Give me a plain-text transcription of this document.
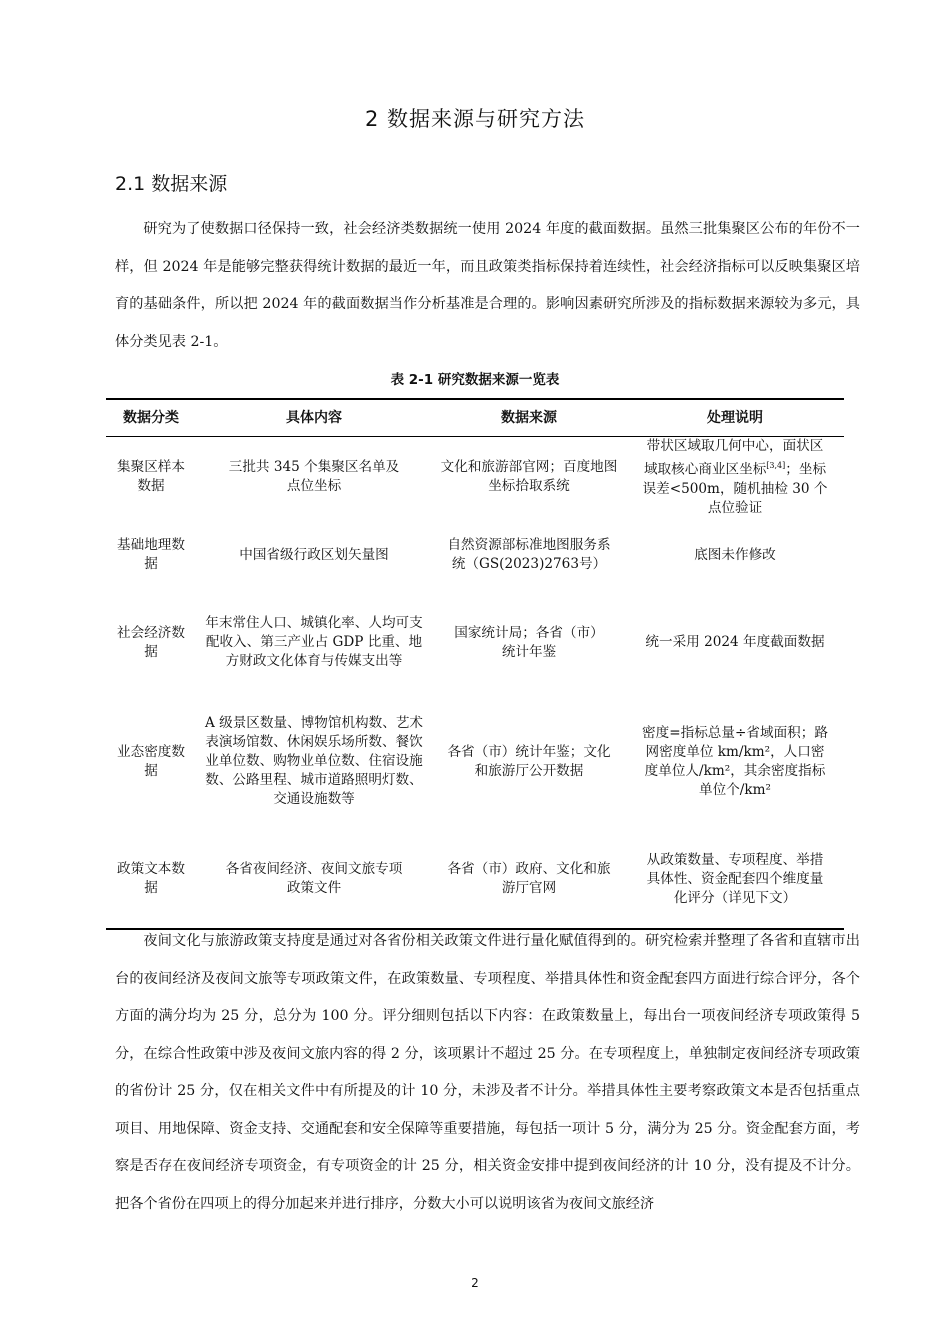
2 数据来源与研究方法
2.1 数据来源

研究为了使数据口径保持一致，社会经济类数据统一使用 2024 年度的截面数据。虽然三批集聚区公布的年份不一样，但 2024 年是能够完整获得统计数据的最近一年，而且政策类指标保持着连续性，社会经济指标可以反映集聚区培育的基础条件，所以把 2024 年的截面数据当作分析基准是合理的。影响因素研究所涉及的指标数据来源较为多元，具体分类见表 2-1。

表 2-1 研究数据来源一览表
数据分类	具体内容	数据来源	处理说明

集聚区样本数据	三批共 345 个集聚区名单及点位坐标	文化和旅游部官网；百度地图坐标拾取系统	带状区域取几何中心，面状区域取核心商业区坐标[3,4]；坐标误差<500m，随机抽检 30 个点位验证

基础地理数据	中国省级行政区划矢量图	自然资源部标准地图服务系统（GS(2023)2763号）	底图未作修改

社会经济数据	年末常住人口、城镇化率、人均可支配收入、第三产业占 GDP 比重、地方财政文化体育与传媒支出等	国家统计局；各省（市）统计年鉴	统一采用 2024 年度截面数据

业态密度数据	A 级景区数量、博物馆机构数、艺术表演场馆数、休闲娱乐场所数、餐饮业单位数、购物业单位数、住宿设施数、公路里程、城市道路照明灯数、交通设施数等	各省（市）统计年鉴；文化和旅游厅公开数据	密度=指标总量÷省域面积；路网密度单位 km/km²，人口密度单位人/km²，其余密度指标单位个/km²

政策文本数据	各省夜间经济、夜间文旅专项政策文件	各省（市）政府、文化和旅游厅官网	从政策数量、专项程度、举措具体性、资金配套四个维度量化评分（详见下文）

夜间文化与旅游政策支持度是通过对各省份相关政策文件进行量化赋值得到的。研究检索并整理了各省和直辖市出台的夜间经济及夜间文旅等专项政策文件，在政策数量、专项程度、举措具体性和资金配套四方面进行综合评分，各个方面的满分均为 25 分，总分为 100 分。评分细则包括以下内容：在政策数量上，每出台一项夜间经济专项政策得 5 分，在综合性政策中涉及夜间文旅内容的得 2 分，该项累计不超过 25 分。在专项程度上，单独制定夜间经济专项政策的省份计 25 分，仅在相关文件中有所提及的计 10 分，未涉及者不计分。举措具体性主要考察政策文本是否包括重点项目、用地保障、资金支持、交通配套和安全保障等重要措施，每包括一项计 5 分，满分为 25 分。资金配套方面，考察是否存在夜间经济专项资金，有专项资金的计 25 分，相关资金安排中提到夜间经济的计 10 分，没有提及不计分。把各个省份在四项上的得分加起来并进行排序，分数大小可以说明该省为夜间文旅经济

2
